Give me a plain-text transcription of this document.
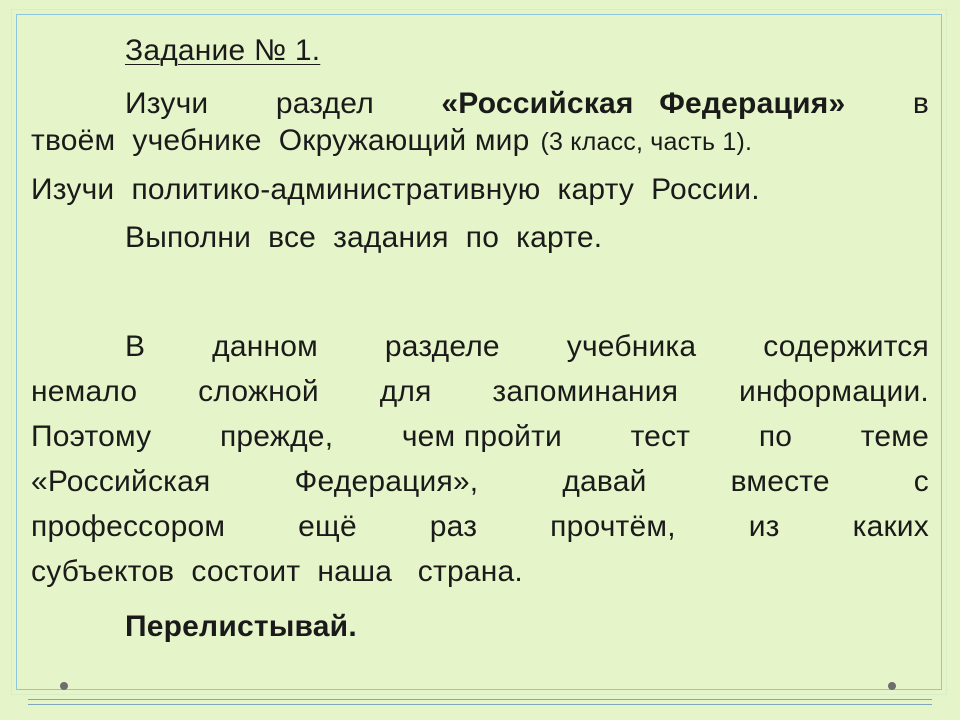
Задание № 1.
Изучи раздел «Российская   Федерация» в
твоём  учебнике  Окружающий мир (3 класс, часть 1).
Изучи  политико-административную  карту  России.
Выполни  все  задания  по  карте.
В данном разделе учебника содержится
немало сложной для запоминания информации.
Поэтому прежде, чем пройти тест по теме
«Российская	Федерация»,	давай	вместе	с
профессором ещё раз прочтём, из каких
субъектов  состоит  наша   страна.
Перелистывай.
